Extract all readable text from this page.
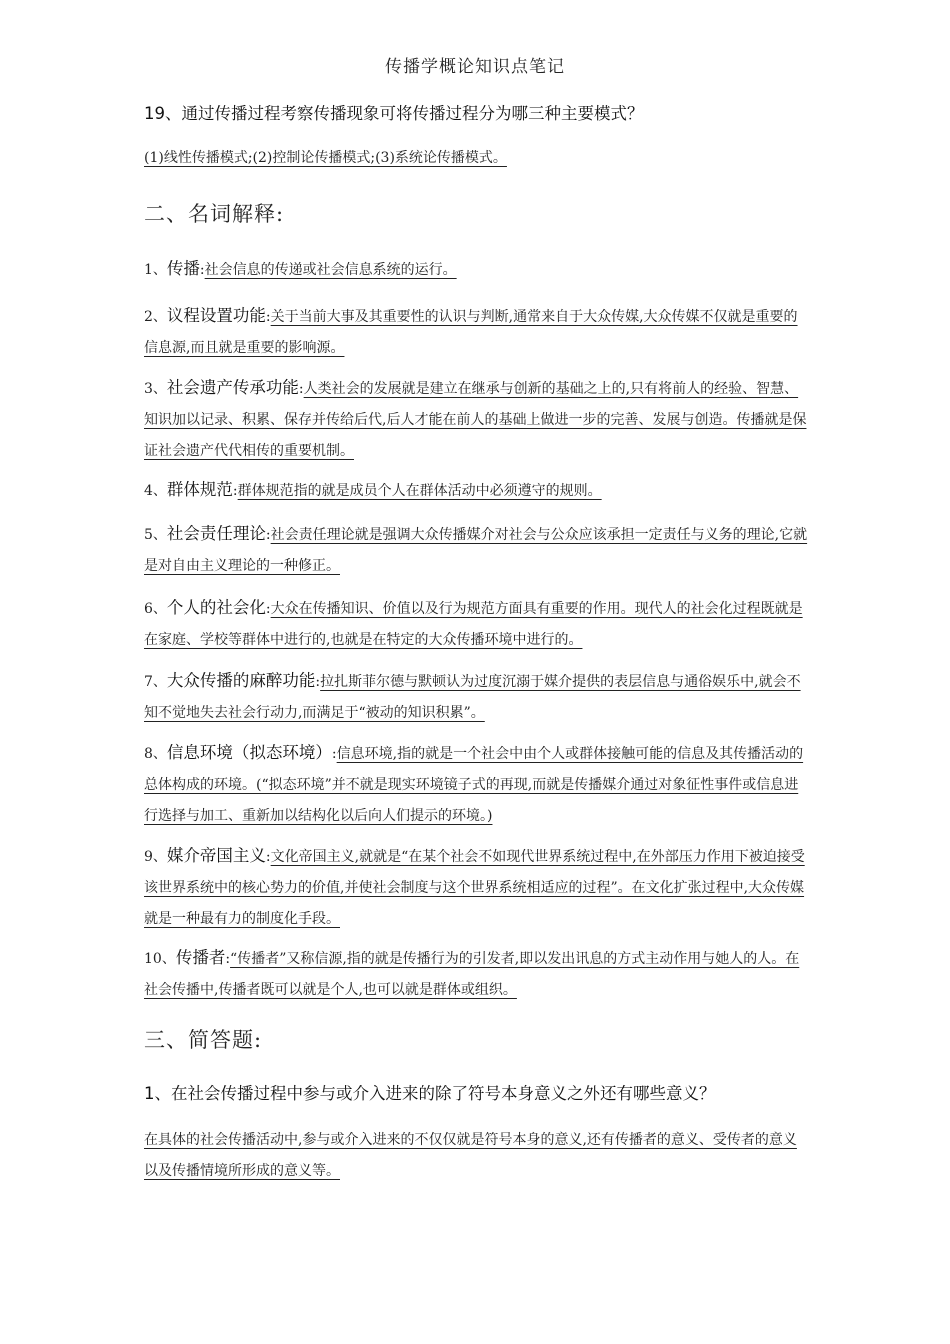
传播学概论知识点笔记
19、通过传播过程考察传播现象可将传播过程分为哪三种主要模式？
(1)线性传播模式;(2)控制论传播模式;(3)系统论传播模式。
二、名词解释:
1、传播:社会信息的传递或社会信息系统的运行。
2、议程设置功能:关于当前大事及其重要性的认识与判断,通常来自于大众传媒,大众传媒不仅就是重要的信息源,而且就是重要的影响源。
3、社会遗产传承功能:人类社会的发展就是建立在继承与创新的基础之上的,只有将前人的经验、智慧、知识加以记录、积累、保存并传给后代,后人才能在前人的基础上做进一步的完善、发展与创造。传播就是保证社会遗产代代相传的重要机制。
4、群体规范:群体规范指的就是成员个人在群体活动中必须遵守的规则。
5、社会责任理论:社会责任理论就是强调大众传播媒介对社会与公众应该承担一定责任与义务的理论,它就是对自由主义理论的一种修正。
6、个人的社会化:大众在传播知识、价值以及行为规范方面具有重要的作用。现代人的社会化过程既就是在家庭、学校等群体中进行的,也就是在特定的大众传播环境中进行的。
7、大众传播的麻醉功能:拉扎斯菲尔德与默顿认为过度沉溺于媒介提供的表层信息与通俗娱乐中,就会不知不觉地失去社会行动力,而满足于“被动的知识积累”。
8、信息环境（拟态环境）:信息环境,指的就是一个社会中由个人或群体接触可能的信息及其传播活动的总体构成的环境。(“拟态环境”并不就是现实环境镜子式的再现,而就是传播媒介通过对象征性事件或信息进行选择与加工、重新加以结构化以后向人们提示的环境。)
9、媒介帝国主义:文化帝国主义,就就是“在某个社会不如现代世界系统过程中,在外部压力作用下被迫接受该世界系统中的核心势力的价值,并使社会制度与这个世界系统相适应的过程”。在文化扩张过程中,大众传媒就是一种最有力的制度化手段。
10、传播者:“传播者”又称信源,指的就是传播行为的引发者,即以发出讯息的方式主动作用与她人的人。在社会传播中,传播者既可以就是个人,也可以就是群体或组织。
三、简答题:
1、在社会传播过程中参与或介入进来的除了符号本身意义之外还有哪些意义？
在具体的社会传播活动中,参与或介入进来的不仅仅就是符号本身的意义,还有传播者的意义、受传者的意义以及传播情境所形成的意义等。
